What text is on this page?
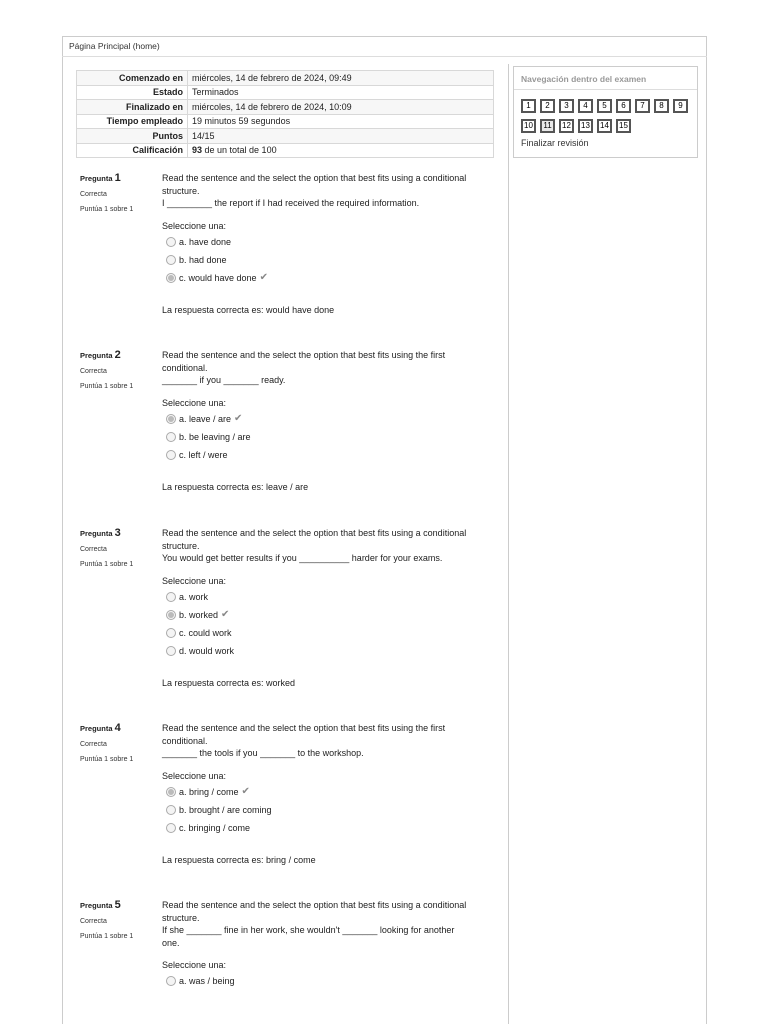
Página Principal (home)
Comenzado en	miércoles, 14 de febrero de 2024, 09:49
Estado	Terminados
Finalizado en	miércoles, 14 de febrero de 2024, 10:09
Tiempo empleado	19 minutos 59 segundos
Puntos	14/15
Calificación	93 de un total de 100
Navegación dentro del examen
1	2	3	4	5	6	7	8	9
10	11	12	13	14	15
Finalizar revisión
Pregunta 1
Correcta
Puntúa 1 sobre 1
Read the sentence and the select the option that best fits using a conditional
structure.
I _________ the report if I had received the required information.
Seleccione una:
a. have done
b. had done
c. would have done ✔
La respuesta correcta es: would have done
Pregunta 2
Correcta
Puntúa 1 sobre 1
Read the sentence and the select the option that best fits using the first
conditional.
_______ if you _______ ready.
Seleccione una:
a. leave / are ✔
b. be leaving / are
c. left / were
La respuesta correcta es: leave / are
Pregunta 3
Correcta
Puntúa 1 sobre 1
Read the sentence and the select the option that best fits using a conditional
structure.
You would get better results if you __________ harder for your exams.
Seleccione una:
a. work
b. worked ✔
c. could work
d. would work
La respuesta correcta es: worked
Pregunta 4
Correcta
Puntúa 1 sobre 1
Read the sentence and the select the option that best fits using the first
conditional.
_______ the tools if you _______ to the workshop.
Seleccione una:
a. bring / come ✔
b. brought / are coming
c. bringing / come
La respuesta correcta es: bring / come
Pregunta 5
Correcta
Puntúa 1 sobre 1
Read the sentence and the select the option that best fits using a conditional
structure.
If she _______ fine in her work, she wouldn't _______ looking for another
one.
Seleccione una:
a. was / being
